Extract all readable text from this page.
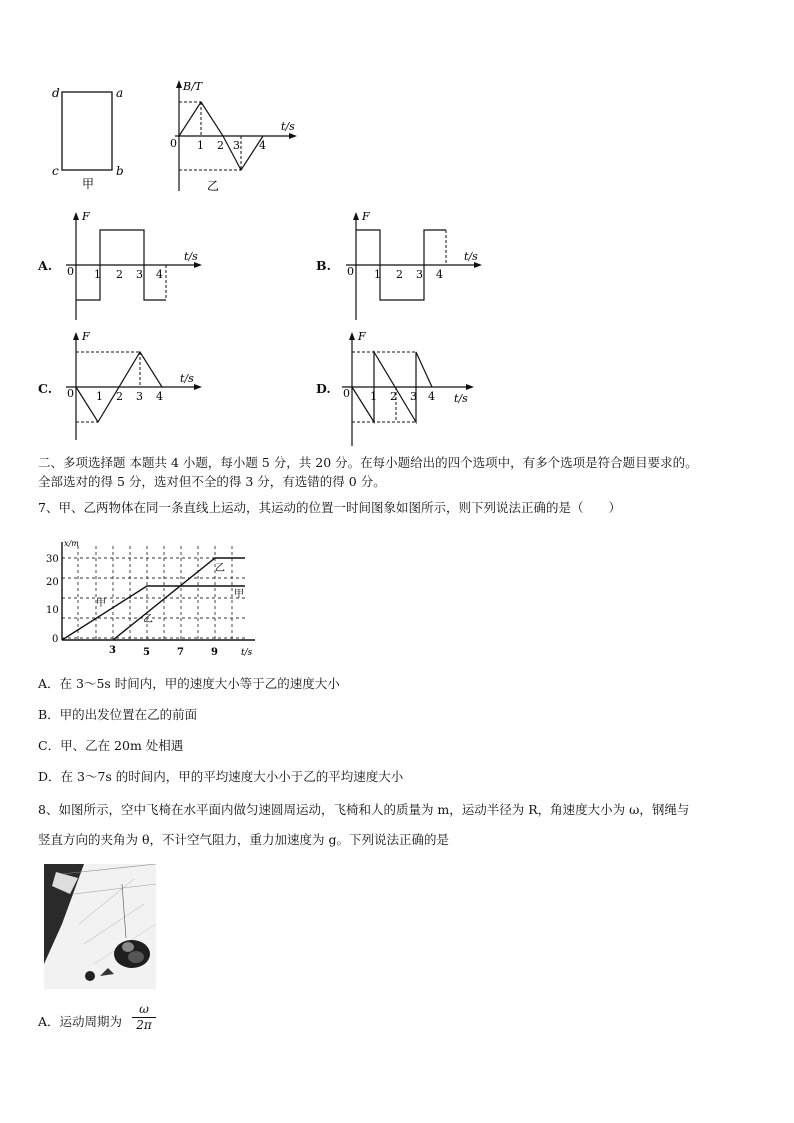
d	a
c	b
甲
B/T
t/s
0 1 2 3 4
乙
A.
F
t/s
0 1 2 3 4
B.
F
t/s
0 1 2 3 4
C.
F
t/s
0 1 2 3 4
D.
F
t/s
0 1 2 3 4
二、多项选择题 本题共 4 小题，每小题 5 分，共 20 分。在每小题给出的四个选项中，有多个选项是符合题目要求的。
全部选对的得 5 分，选对但不全的得 3 分，有选错的得 0 分。
7、甲、乙两物体在同一条直线上运动，其运动的位置一时间图象如图所示，则下列说法正确的是（　　）
x/m
30
20
10
0
3	5	7	9	t/s
甲
甲
乙
乙
A．在 3～5s 时间内，甲的速度大小等于乙的速度大小
B．甲的出发位置在乙的前面
C．甲、乙在 20m 处相遇
D．在 3～7s 的时间内，甲的平均速度大小小于乙的平均速度大小
8、如图所示，空中飞椅在水平面内做匀速圆周运动，飞椅和人的质量为 m，运动半径为 R，角速度大小为 ω，钢绳与
竖直方向的夹角为 θ，不计空气阻力，重力加速度为 g。下列说法正确的是
A．运动周期为 $\frac{\omega}{2\pi}$
